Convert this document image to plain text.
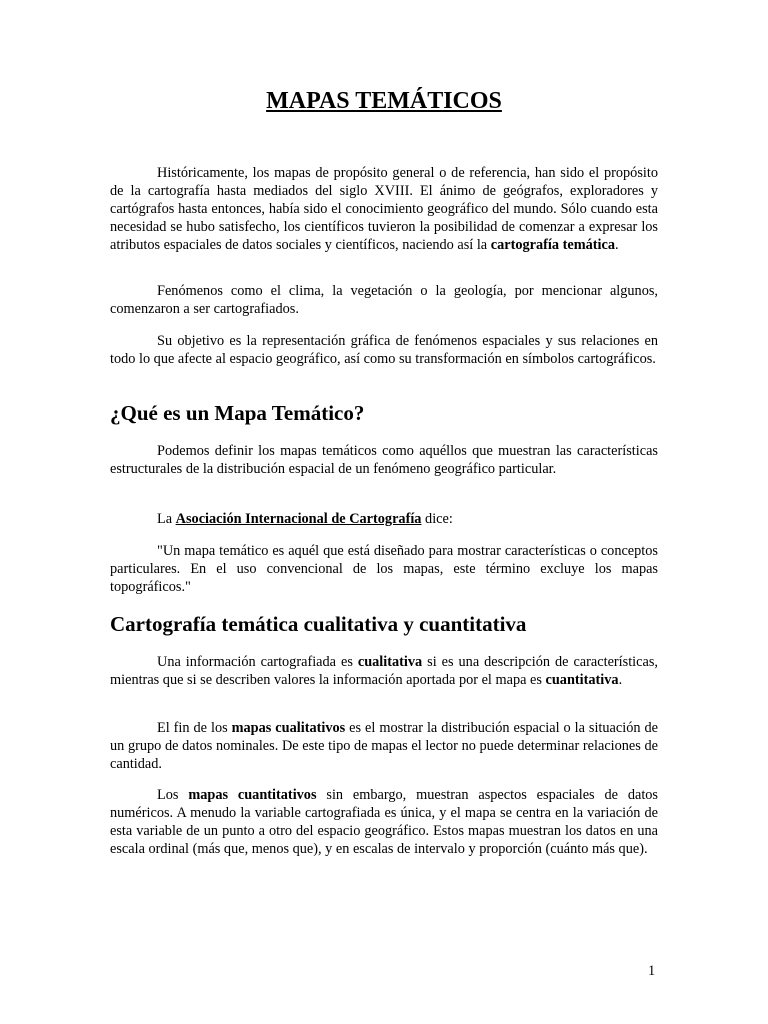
MAPAS TEMÁTICOS

Históricamente, los mapas de propósito general o de referencia, han sido el propósito de la cartografía hasta mediados del siglo XVIII. El ánimo de geógrafos, exploradores y cartógrafos hasta entonces, había sido el conocimiento geográfico del mundo. Sólo cuando esta necesidad se hubo satisfecho, los científicos tuvieron la posibilidad de comenzar a expresar los atributos espaciales de datos sociales y científicos, naciendo así la cartografía temática.

Fenómenos como el clima, la vegetación o la geología, por mencionar algunos, comenzaron a ser cartografiados.

Su objetivo es la representación gráfica de fenómenos espaciales y sus relaciones en todo lo que afecte al espacio geográfico, así como su transformación en símbolos cartográficos.

¿Qué es un Mapa Temático?

Podemos definir los mapas temáticos como aquéllos que muestran las características estructurales de la distribución espacial de un fenómeno geográfico particular.

La Asociación Internacional de Cartografía dice:

"Un mapa temático es aquél que está diseñado para mostrar características o conceptos particulares. En el uso convencional de los mapas, este término excluye los mapas topográficos."

Cartografía temática cualitativa y cuantitativa

Una información cartografiada es cualitativa si es una descripción de características, mientras que si se describen valores la información aportada por el mapa es cuantitativa.

El fin de los mapas cualitativos es el mostrar la distribución espacial o la situación de un grupo de datos nominales. De este tipo de mapas el lector no puede determinar relaciones de cantidad.

Los mapas cuantitativos sin embargo, muestran aspectos espaciales de datos numéricos. A menudo la variable cartografiada es única, y el mapa se centra en la variación de esta variable de un punto a otro del espacio geográfico. Estos mapas muestran los datos en una escala ordinal (más que, menos que), y en escalas de intervalo y proporción (cuánto más que).

1
